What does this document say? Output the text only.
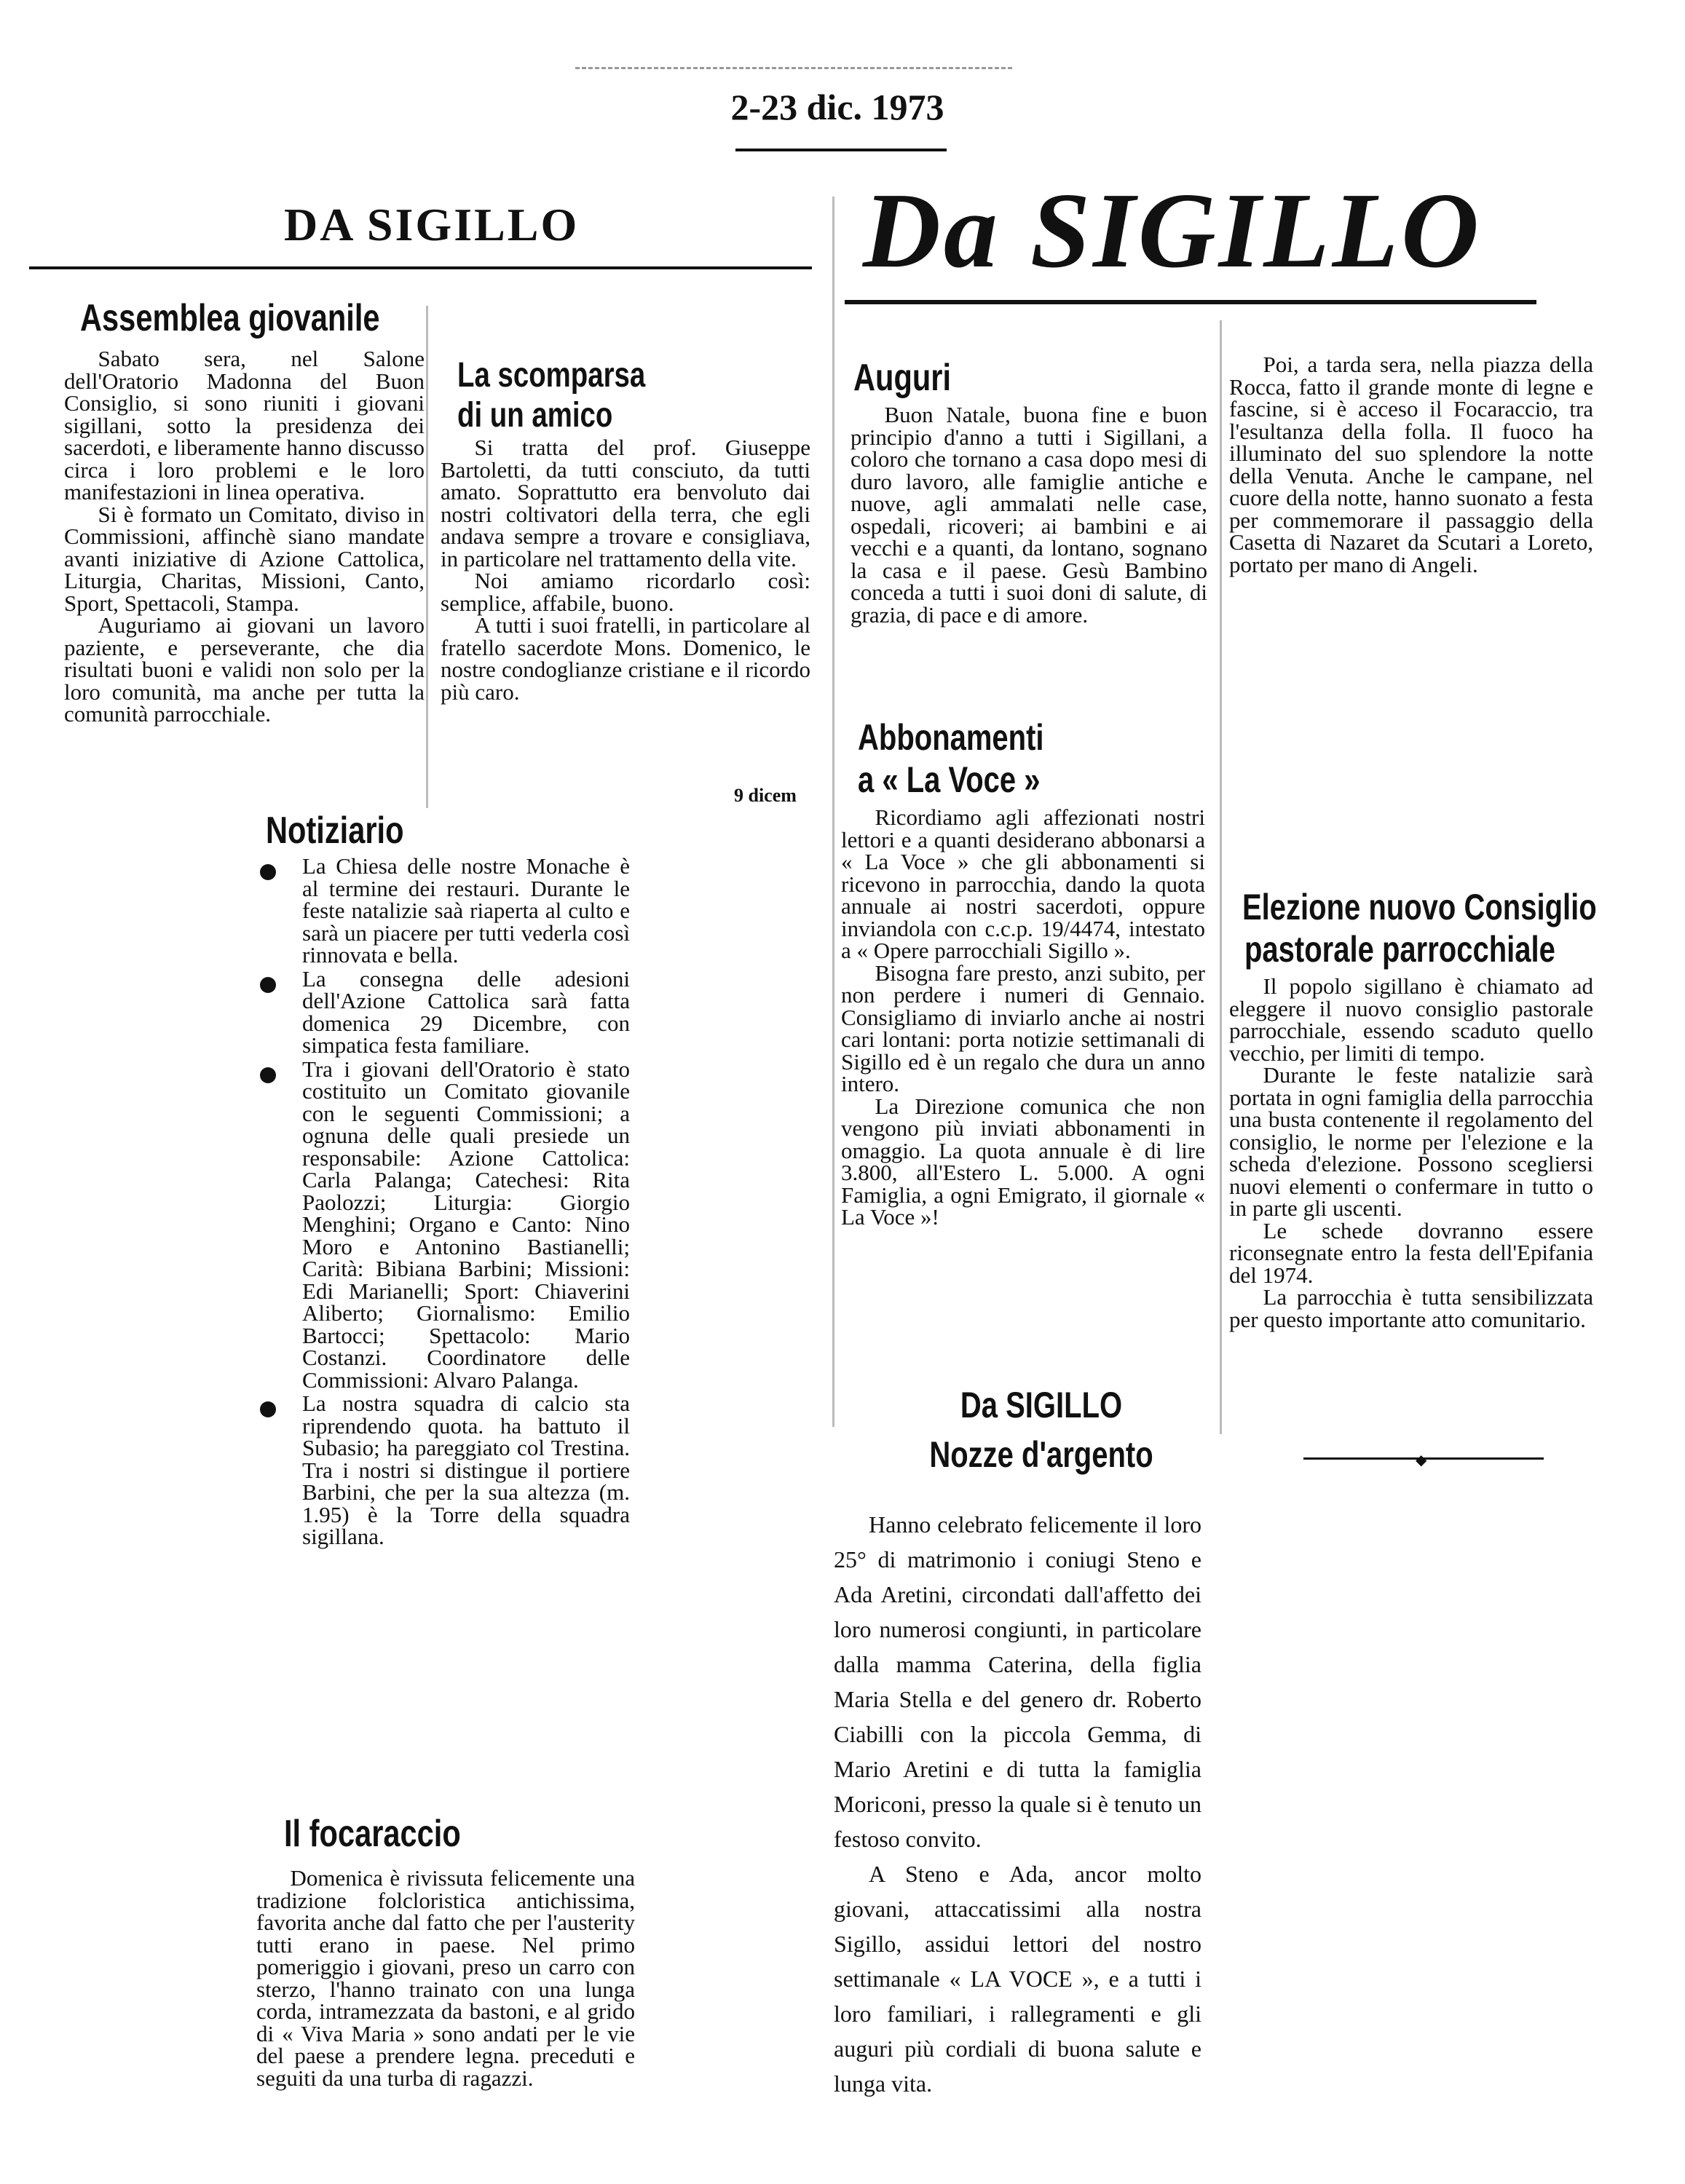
2-23 dic. 1973
DA SIGILLO	Da SIGILLO
Assemblea giovanile

Sabato sera, nel Salone dell'Oratorio Madonna del Buon Consiglio, si sono riuniti i giovani sigillani, sotto la presidenza dei sacerdoti, e liberamente hanno discusso circa i loro problemi e le loro manifestazioni in linea operativa.

Si è formato un Comitato, diviso in Commissioni, affinchè siano mandate avanti iniziative di Azione Cattolica, Liturgia, Charitas, Missioni, Canto, Sport, Spettacoli, Stampa.

Auguriamo ai giovani un lavoro paziente, e perseverante, che dia risultati buoni e validi non solo per la loro comunità, ma anche per tutta la comunità parrocchiale.

La scomparsa
di un amico

Si tratta del prof. Giuseppe Bartoletti, da tutti consciuto, da tutti amato. Soprattutto era benvoluto dai nostri coltivatori della terra, che egli andava sempre a trovare e consigliava, in particolare nel trattamento della vite.

Noi amiamo ricordarlo così: semplice, affabile, buono.

A tutti i suoi fratelli, in particolare al fratello sacerdote Mons. Domenico, le nostre condoglianze cristiane e il ricordo più caro.

9 dicem
Notiziario
La Chiesa delle nostre Monache è al termine dei restauri. Durante le feste natalizie saà riaperta al culto e sarà un piacere per tutti vederla così rinnovata e bella.
La consegna delle adesioni dell'Azione Cattolica sarà fatta domenica 29 Dicembre, con simpatica festa familiare.
Tra i giovani dell'Oratorio è stato costituito un Comitato giovanile con le seguenti Commissioni; a ognuna delle quali presiede un responsabile: Azione Cattolica: Carla Palanga; Catechesi: Rita Paolozzi; Liturgia: Giorgio Menghini; Organo e Canto: Nino Moro e Antonino Bastianelli; Carità: Bibiana Barbini; Missioni: Edi Marianelli; Sport: Chiaverini Aliberto; Giornalismo: Emilio Bartocci; Spettacolo: Mario Costanzi. Coordinatore delle Commissioni: Alvaro Palanga.
La nostra squadra di calcio sta riprendendo quota. ha battuto il Subasio; ha pareggiato col Trestina. Tra i nostri si distingue il portiere Barbini, che per la sua altezza (m. 1.95) è la Torre della squadra sigillana.
Il focaraccio

Domenica è rivissuta felicemente una tradizione folcloristica antichissima, favorita anche dal fatto che per l'austerity tutti erano in paese. Nel primo pomeriggio i giovani, preso un carro con sterzo, l'hanno trainato con una lunga corda, intramezzata da bastoni, e al grido di « Viva Maria » sono andati per le vie del paese a prendere legna. preceduti e seguiti da una turba di ragazzi.

Auguri

Buon Natale, buona fine e buon principio d'anno a tutti i Sigillani, a coloro che tornano a casa dopo mesi di duro lavoro, alle famiglie antiche e nuove, agli ammalati nelle case, ospedali, ricoveri; ai bambini e ai vecchi e a quanti, da lontano, sognano la casa e il paese. Gesù Bambino conceda a tutti i suoi doni di salute, di grazia, di pace e di amore.

Abbonamenti
a « La Voce »

Ricordiamo agli affezionati nostri lettori e a quanti desiderano abbonarsi a « La Voce » che gli abbonamenti si ricevono in parrocchia, dando la quota annuale ai nostri sacerdoti, oppure inviandola con c.c.p. 19/4474, intestato a « Opere parrocchiali Sigillo ».

Bisogna fare presto, anzi subito, per non perdere i numeri di Gennaio. Consigliamo di inviarlo anche ai nostri cari lontani: porta notizie settimanali di Sigillo ed è un regalo che dura un anno intero.

La Direzione comunica che non vengono più inviati abbonamenti in omaggio. La quota annuale è di lire 3.800, all'Estero L. 5.000. A ogni Famiglia, a ogni Emigrato, il giornale « La Voce »!

Da SIGILLO
Nozze d'argento

Hanno celebrato felicemente il loro 25° di matrimonio i coniugi Steno e Ada Aretini, circondati dall'affetto dei loro numerosi congiunti, in particolare dalla mamma Caterina, della figlia Maria Stella e del genero dr. Roberto Ciabilli con la piccola Gemma, di Mario Aretini e di tutta la famiglia Moriconi, presso la quale si è tenuto un festoso convito.

A Steno e Ada, ancor molto giovani, attaccatissimi alla nostra Sigillo, assidui lettori del nostro settimanale « LA VOCE », e a tutti i loro familiari, i rallegramenti e gli auguri più cordiali di buona salute e lunga vita.

Poi, a tarda sera, nella piazza della Rocca, fatto il grande monte di legne e fascine, si è acceso il Focaraccio, tra l'esultanza della folla. Il fuoco ha illuminato del suo splendore la notte della Venuta. Anche le campane, nel cuore della notte, hanno suonato a festa per commemorare il passaggio della Casetta di Nazaret da Scutari a Loreto, portato per mano di Angeli.

Elezione nuovo Consiglio
pastorale parrocchiale

Il popolo sigillano è chiamato ad eleggere il nuovo consiglio pastorale parrocchiale, essendo scaduto quello vecchio, per limiti di tempo.

Durante le feste natalizie sarà portata in ogni famiglia della parrocchia una busta contenente il regolamento del consiglio, le norme per l'elezione e la scheda d'elezione. Possono scegliersi nuovi elementi o confermare in tutto o in parte gli uscenti.

Le schede dovranno essere riconsegnate entro la festa dell'Epifania del 1974.

La parrocchia è tutta sensibilizzata per questo importante atto comunitario.

◆
